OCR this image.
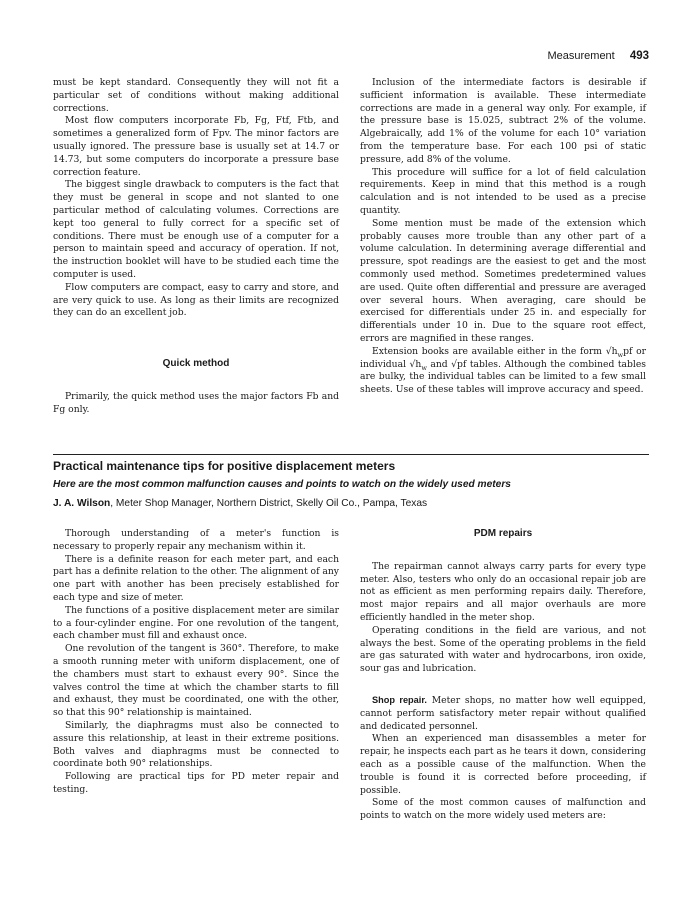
Measurement 493

must be kept standard. Consequently they will not fit a particular set of conditions without making additional corrections.

Most flow computers incorporate Fb, Fg, Ftf, Ftb, and sometimes a generalized form of Fpv. The minor factors are usually ignored. The pressure base is usually set at 14.7 or 14.73, but some computers do incorporate a pressure base correction feature.

The biggest single drawback to computers is the fact that they must be general in scope and not slanted to one particular method of calculating volumes. Corrections are kept too general to fully correct for a specific set of conditions. There must be enough use of a computer for a person to maintain speed and accuracy of operation. If not, the instruction booklet will have to be studied each time the computer is used.

Flow computers are compact, easy to carry and store, and are very quick to use. As long as their limits are recognized they can do an excellent job.

Quick method

Primarily, the quick method uses the major factors Fb and Fg only.

Inclusion of the intermediate factors is desirable if sufficient information is available. These intermediate corrections are made in a general way only. For example, if the pressure base is 15.025, subtract 2% of the volume. Algebraically, add 1% of the volume for each 10° variation from the temperature base. For each 100 psi of static pressure, add 8% of the volume.

This procedure will suffice for a lot of field calculation requirements. Keep in mind that this method is a rough calculation and is not intended to be used as a precise quantity.

Some mention must be made of the extension which probably causes more trouble than any other part of a volume calculation. In determining average differential and pressure, spot readings are the easiest to get and the most commonly used method. Sometimes predetermined values are used. Quite often differential and pressure are averaged over several hours. When averaging, care should be exercised for differentials under 25 in. and especially for differentials under 10 in. Due to the square root effect, errors are magnified in these ranges.

Extension books are available either in the form $√h_wpf$ or individual $√h_w$ and √pf tables. Although the combined tables are bulky, the individual tables can be limited to a few small sheets. Use of these tables will improve accuracy and speed.

Practical maintenance tips for positive displacement meters
Here are the most common malfunction causes and points to watch on the widely used meters
J. A. Wilson, Meter Shop Manager, Northern District, Skelly Oil Co., Pampa, Texas

Thorough understanding of a meter's function is necessary to properly repair any mechanism within it.

There is a definite reason for each meter part, and each part has a definite relation to the other. The alignment of any one part with another has been precisely established for each type and size of meter.

The functions of a positive displacement meter are similar to a four-cylinder engine. For one revolution of the tangent, each chamber must fill and exhaust once.

One revolution of the tangent is 360°. Therefore, to make a smooth running meter with uniform displacement, one of the chambers must start to exhaust every 90°. Since the valves control the time at which the chamber starts to fill and exhaust, they must be coordinated, one with the other, so that this 90° relationship is maintained.

Similarly, the diaphragms must also be connected to assure this relationship, at least in their extreme positions. Both valves and diaphragms must be connected to coordinate both 90° relationships.

Following are practical tips for PD meter repair and testing.

PDM repairs

The repairman cannot always carry parts for every type meter. Also, testers who only do an occasional repair job are not as efficient as men performing repairs daily. Therefore, most major repairs and all major overhauls are more efficiently handled in the meter shop.

Operating conditions in the field are various, and not always the best. Some of the operating problems in the field are gas saturated with water and hydrocarbons, iron oxide, sour gas and lubrication.

Shop repair. Meter shops, no matter how well equipped, cannot perform satisfactory meter repair without qualified and dedicated personnel.

When an experienced man disassembles a meter for repair, he inspects each part as he tears it down, considering each as a possible cause of the malfunction. When the trouble is found it is corrected before proceeding, if possible.

Some of the most common causes of malfunction and points to watch on the more widely used meters are:
